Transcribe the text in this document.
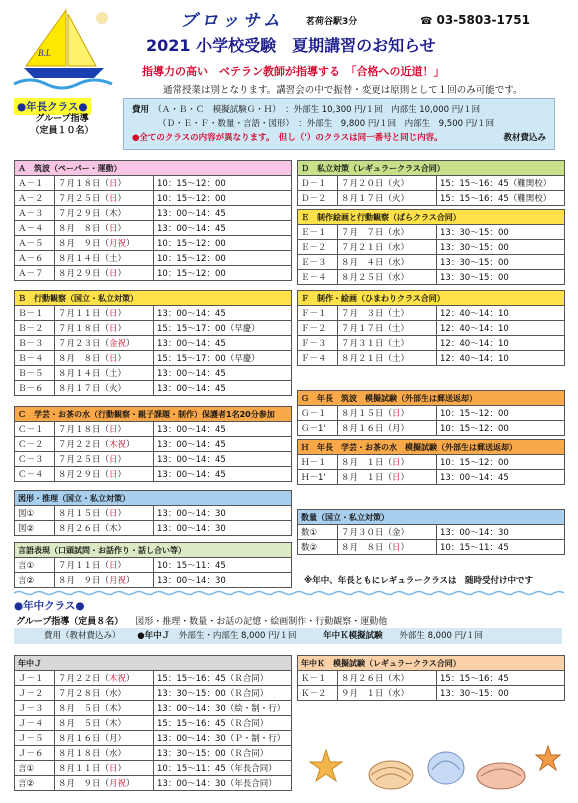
B.L
ブロッサム 茗荷谷駅3分	☎ 03-5803-1751
2021 小学校受験　夏期講習のお知らせ
指導力の高い　ベテラン教師が指導する　「合格への近道！」
通常授業は別となります。講習会の中で振替・変更は原則として１回のみ可能です。
●年長クラス●
グループ指導
（定員１０名）
費用　 （Ａ・Ｂ・Ｃ　模擬試験Ｇ・Ｈ）　 ：外部生 10,300 円/１回　内部生 10,000 円/１回
（Ｄ・Ｅ・Ｆ・数量・言語・図形）　 ：外部生　9,800 円/１回　内部生　9,500 円/１回
●全てのクラスの内容が異なります。　但し（'）のクラスは同一番号と同じ内容。	教材費込み
Ａ　筑波（ペーパー・運動）		
Ａ－１	７月１８日（日）	10：15～12：00
Ａ－２	７月２５日（日）	10：15～12：00
Ａ－３	７月２９日（木）	13：00～14：45
Ａ－４	８月　８日（日）	13：00～14：45
Ａ－５	８月　９日（月祝）	10：15～12：00
Ａ－６	８月１４日（土）	10：15～12：00
Ａ－７	８月２９日（日）	10：15～12：00
Ｂ　行動観察（国立・私立対策）		
Ｂ－１	７月１１日（日）	13：00～14：45
Ｂ－２	７月１８日（日）	15：15～17：00（早慶）
Ｂ－３	７月２３日（金祝）	13：00～14：45
Ｂ－４	８月　８日（日）	15：15～17：00（早慶）
Ｂ－５	８月１４日（土）	13：00～14：45
Ｂ－６	８月１７日（火）	13：00～14：45
Ｃ　学芸・お茶の水（行動観察・親子課題・制作）保護者1名20分参加		
Ｃ－１	７月１８日（日）	13：00～14：45
Ｃ－２	７月２２日（木祝）	13：00～14：45
Ｃ－３	７月２５日（日）	13：00～14：45
Ｃ－４	８月２９日（日）	13：00～14：45
図形・推理（国立・私立対策）		
図①	８月１５日（日）	13：00～14：30
図②	８月２６日（木）	13：00～14：30
言語表現（口頭試問・お話作り・話し合い等）		
言①	７月１１日（日）	10：15～11：45
言②	８月　９日（月祝）	13：00～14：30
Ｄ　私立対策（レギュラークラス合同）		
Ｄ－１	７月２０日（火）	15：15～16：45（難関校）
Ｄ－２	８月１７日（火）	15：15～16：45（難関校）
Ｅ　制作絵画と行動観察（ばらクラス合同）		
Ｅ－１	７月　７日（水）	13：30～15：00
Ｅ－２	７月２１日（水）	13：30～15：00
Ｅ－３	８月　４日（水）	13：30～15：00
Ｅ－４	８月２５日（水）	13：30～15：00
Ｆ　制作・絵画（ひまわりクラス合同）		
Ｆ－１	７月　３日（土）	12：40～14：10
Ｆ－２	７月１７日（土）	12：40～14：10
Ｆ－３	７月３１日（土）	12：40～14：10
Ｆ－４	８月２１日（土）	12：40～14：10
Ｇ　年長　筑波　模擬試験（外部生は郵送返却）		
Ｇ－１	８月１５日（日）	10：15～12：00
Ｇ－1'	８月１６日（月）	10：15～12：00
Ｈ　年長　学芸・お茶の水　模擬試験（外部生は郵送返却）		
Ｈ－１	８月　１日（日）	10：15～12：00
Ｈ－1'	８月　１日（日）	13：00～14：45
数量（国立・私立対策）		
数①	７月３０日（金）	13：00～14：30
数②	８月　８日（日）	10：15～11：45
※年中、年長ともにレギュラークラスは　随時受付け中です
●年中クラス●
グループ指導（定員８名） 図形・推理・数量・お話の記憶・絵画制作・行動観察・運動他
費用（教材費込み） ●年中Ｊ 外部生・内部生 8,000 円/１回	年中Ｋ模擬試験 外部生 8,000 円/１回
年中Ｊ		
Ｊ－１	７月２２日（木祝）	15：15～16：45（Ｒ合同）
Ｊ－２	７月２８日（水）	13：30～15：00（Ｒ合同）
Ｊ－３	８月　５日（木）	13：00～14：30（絵・制・行）
Ｊ－４	８月　５日（木）	15：15～16：45（Ｒ合同）
Ｊ－５	８月１６日（月）	13：00～14：30（Ｐ・制・行）
Ｊ－６	８月１８日（水）	13：30～15：00（Ｒ合同）
言①	８月１１日（日）	10：15～11：45（年長合同）
言②	８月　９日（月祝）	13：00～14：30（年長合同）
年中Ｋ　模擬試験（レギュラークラス合同）		
Ｋ－１	８月２６日（木）	15：15～16：45
Ｋ－２	９月　１日（水）	13：30～15：00
